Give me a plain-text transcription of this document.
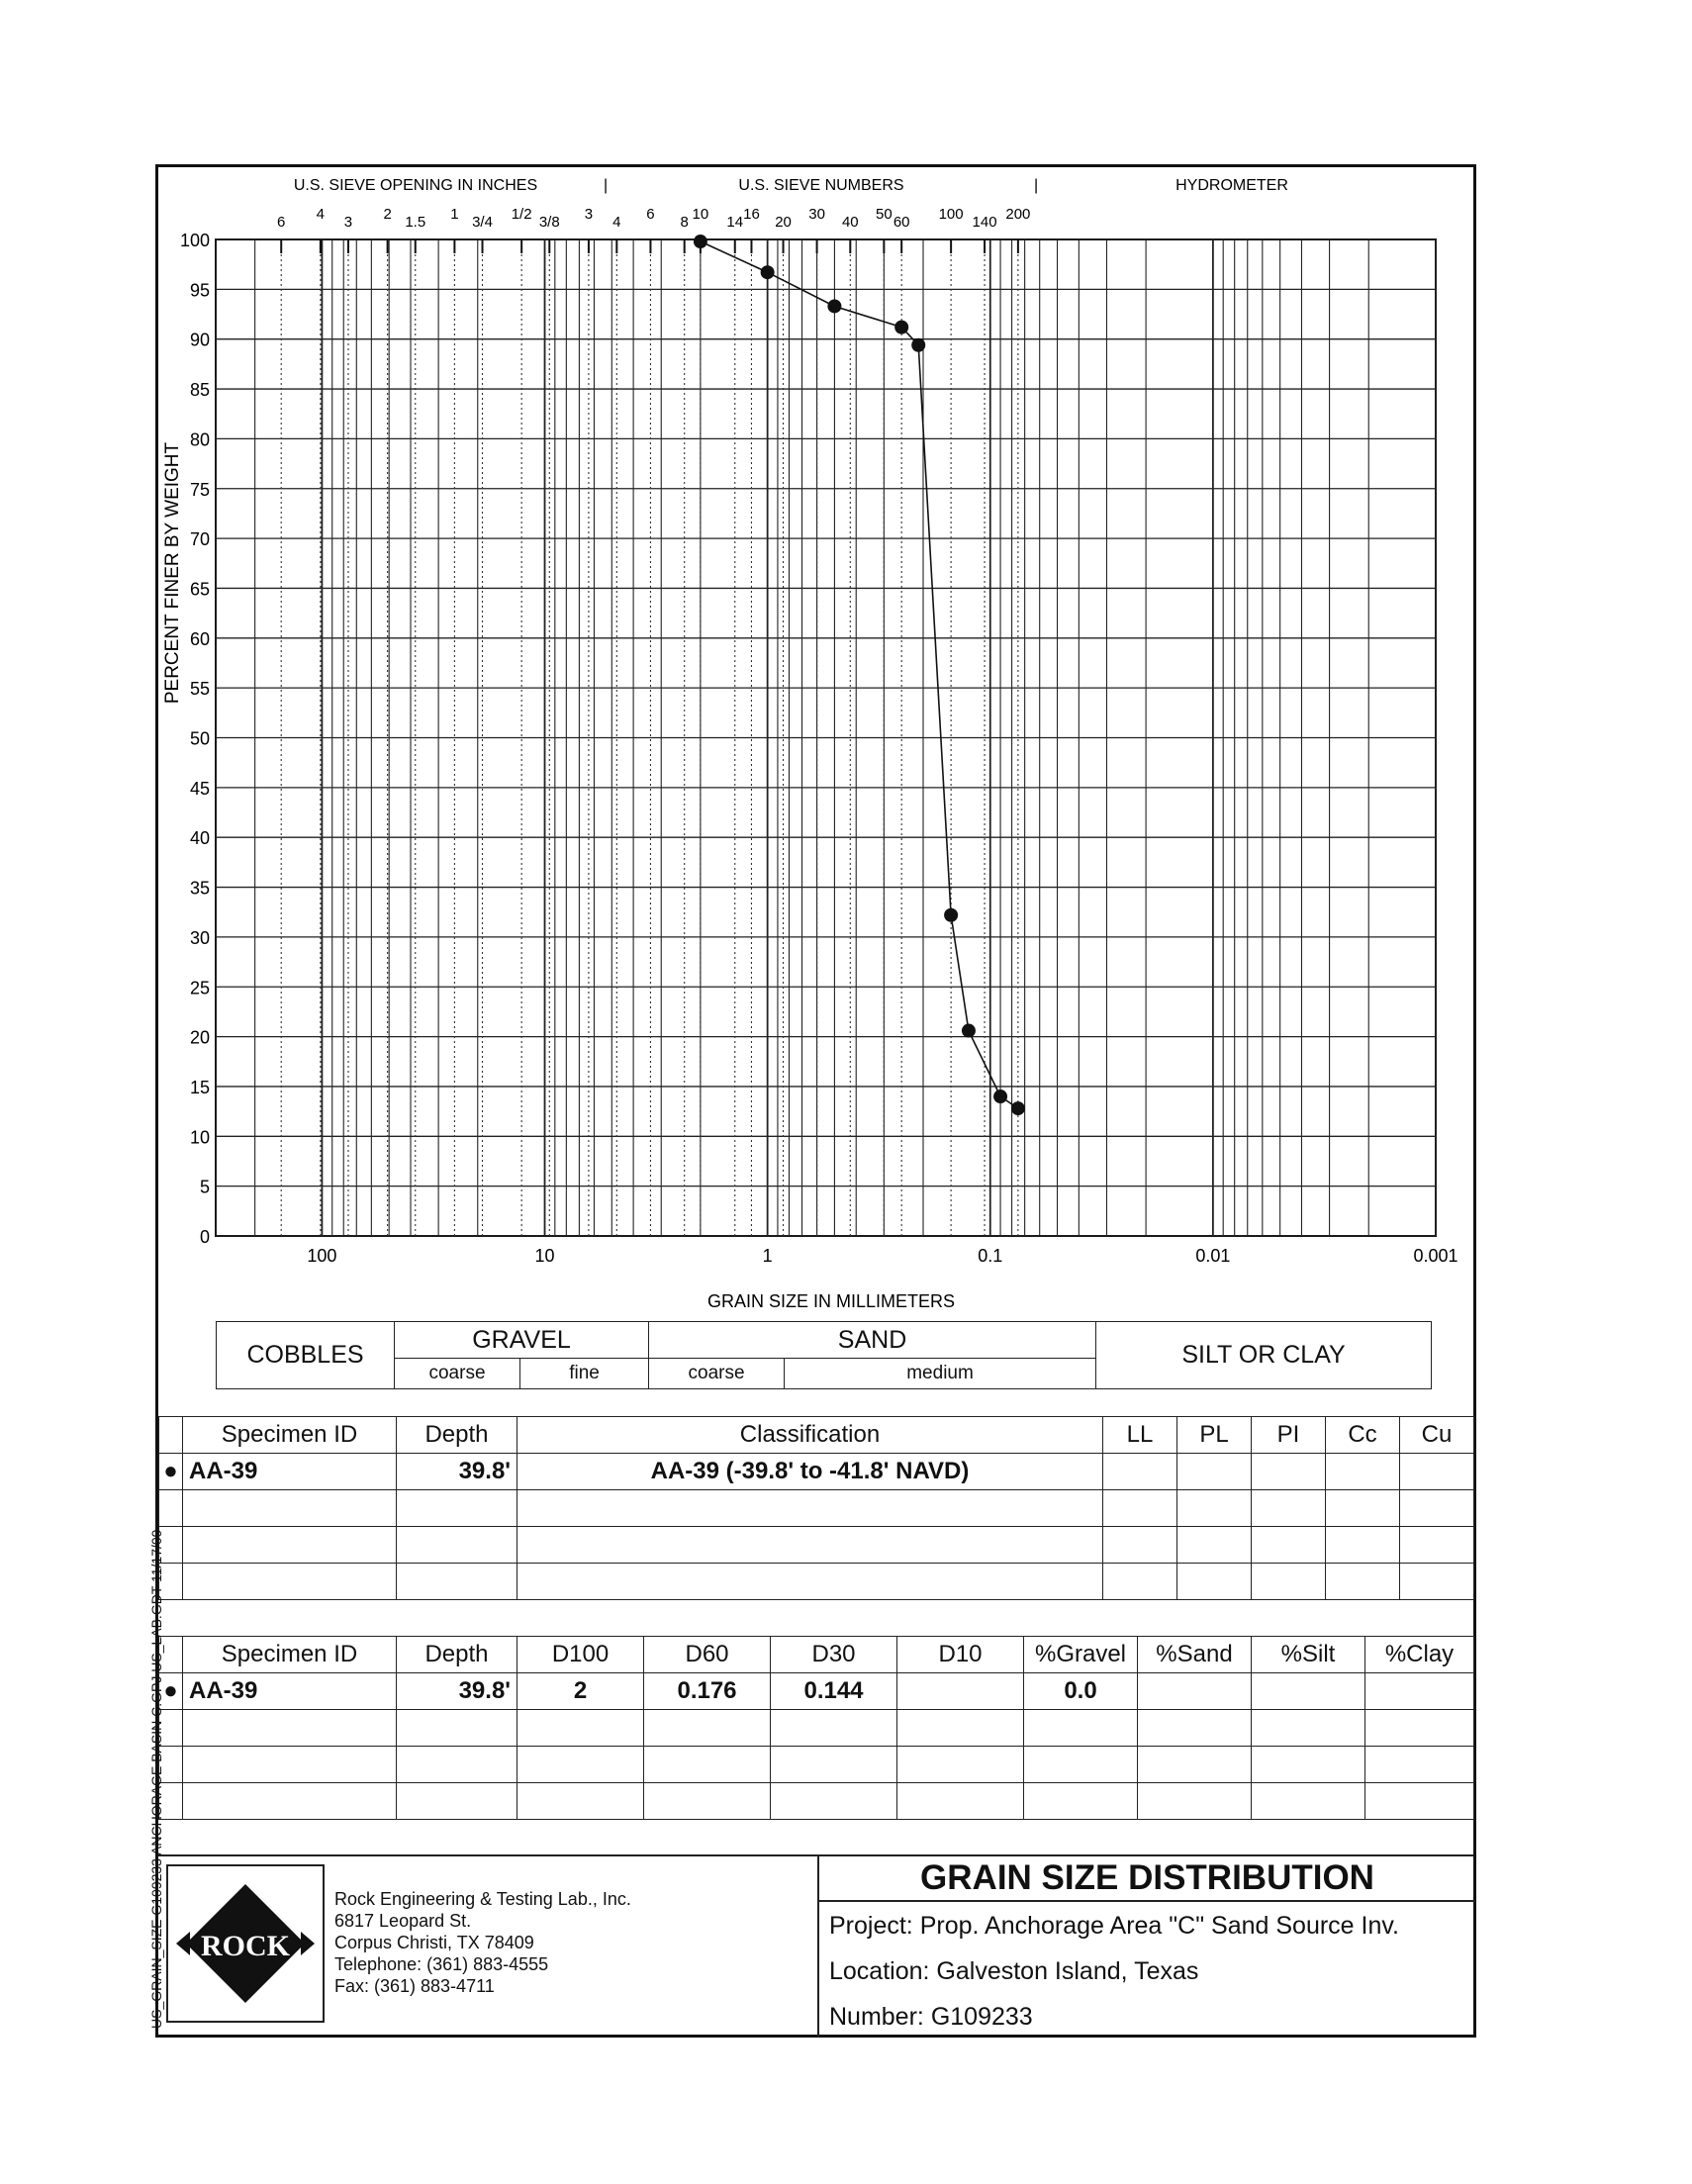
0
5
10
15
20
25
30
35
40
45
50
55
60
65
70
75
80
85
90
95
100
100	10	1	0.1	0.01	0.001
6 4 3 2 1.5 1 3/4 1/2 3/8 3 4 6 8 10 14 16 20 30 40 50 60 100 140 200
U.S. SIEVE OPENING IN INCHES	|	U.S. SIEVE NUMBERS	|	HYDROMETER
GRAIN SIZE IN MILLIMETERS
PERCENT FINER BY WEIGHT
COBBLES	GRAVEL		SAND		SILT OR CLAY	
	coarse	fine	coarse	medium	
	Specimen ID	Depth	Classification	LL	PL	PI	Cc	Cu
●	AA-39	39.8'	AA-39 (-39.8' to -41.8' NAVD)					

	Specimen ID	Depth	D100	D60	D30	D10	%Gravel	%Sand	%Silt	%Clay
●	AA-39	39.8'	2	0.176	0.144		0.0			

ROCK
Rock Engineering & Testing Lab., Inc.
6817 Leopard St.
Corpus Christi, TX 78409
Telephone: (361) 883-4555
Fax: (361) 883-4711
GRAIN SIZE DISTRIBUTION
Project: Prop. Anchorage Area "C" Sand Source Inv.
Location: Galveston Island, Texas
Number: G109233
US_GRAIN_SIZE G109233 ANCHORAGE BASIN C.GPJ US_LAB.GDT 11/17/09
